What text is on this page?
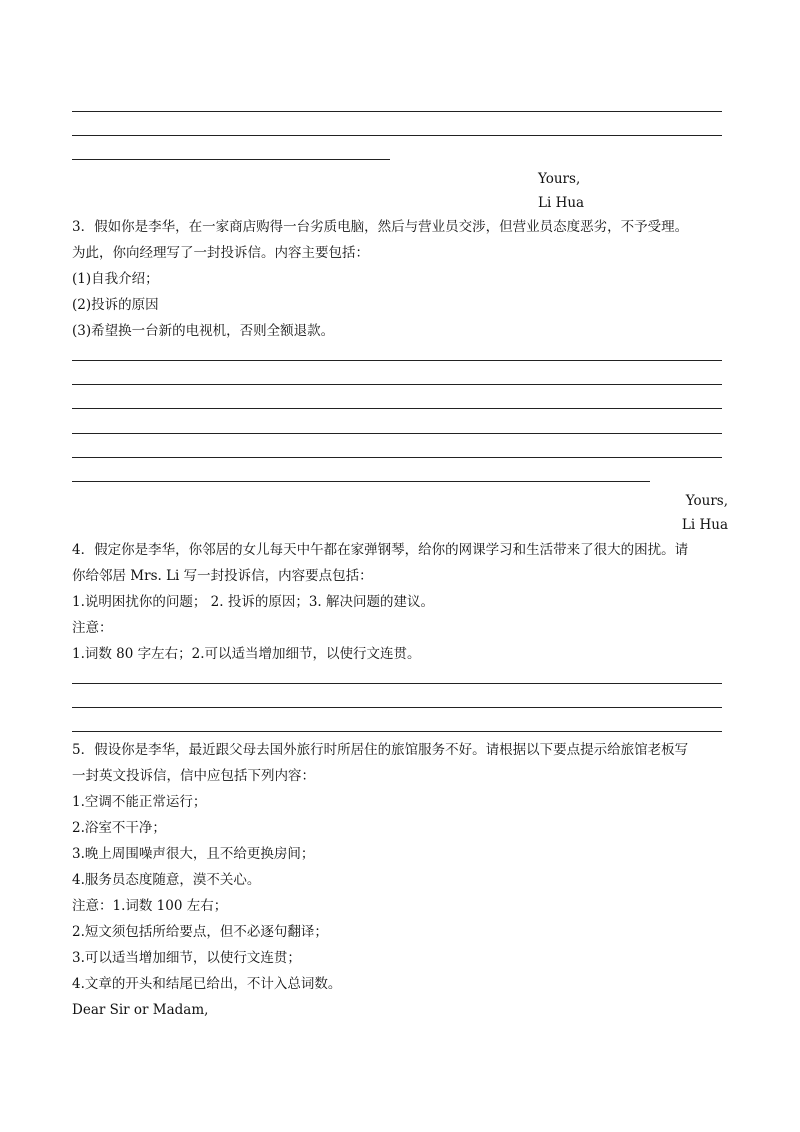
Yours,
Li Hua
3．假如你是李华，在一家商店购得一台劣质电脑，然后与营业员交涉，但营业员态度恶劣，不予受理。
为此，你向经理写了一封投诉信。内容主要包括：
(1)自我介绍；
(2)投诉的原因
(3)希望换一台新的电视机，否则全额退款。
Yours,
Li Hua
4．假定你是李华，你邻居的女儿每天中午都在家弹钢琴，给你的网课学习和生活带来了很大的困扰。请
你给邻居 Mrs. Li 写一封投诉信，内容要点包括：
1.说明困扰你的问题； 2. 投诉的原因；3. 解决问题的建议。
注意：
1.词数 80 字左右；2.可以适当增加细节，以使行文连贯。
5．假设你是李华，最近跟父母去国外旅行时所居住的旅馆服务不好。请根据以下要点提示给旅馆老板写
一封英文投诉信，信中应包括下列内容：
1.空调不能正常运行；
2.浴室不干净；
3.晚上周围噪声很大，且不给更换房间；
4.服务员态度随意，漠不关心。
注意：1.词数 100 左右；
2.短文须包括所给要点，但不必逐句翻译；
3.可以适当增加细节，以使行文连贯；
4.文章的开头和结尾已给出，不计入总词数。
Dear Sir or Madam,
